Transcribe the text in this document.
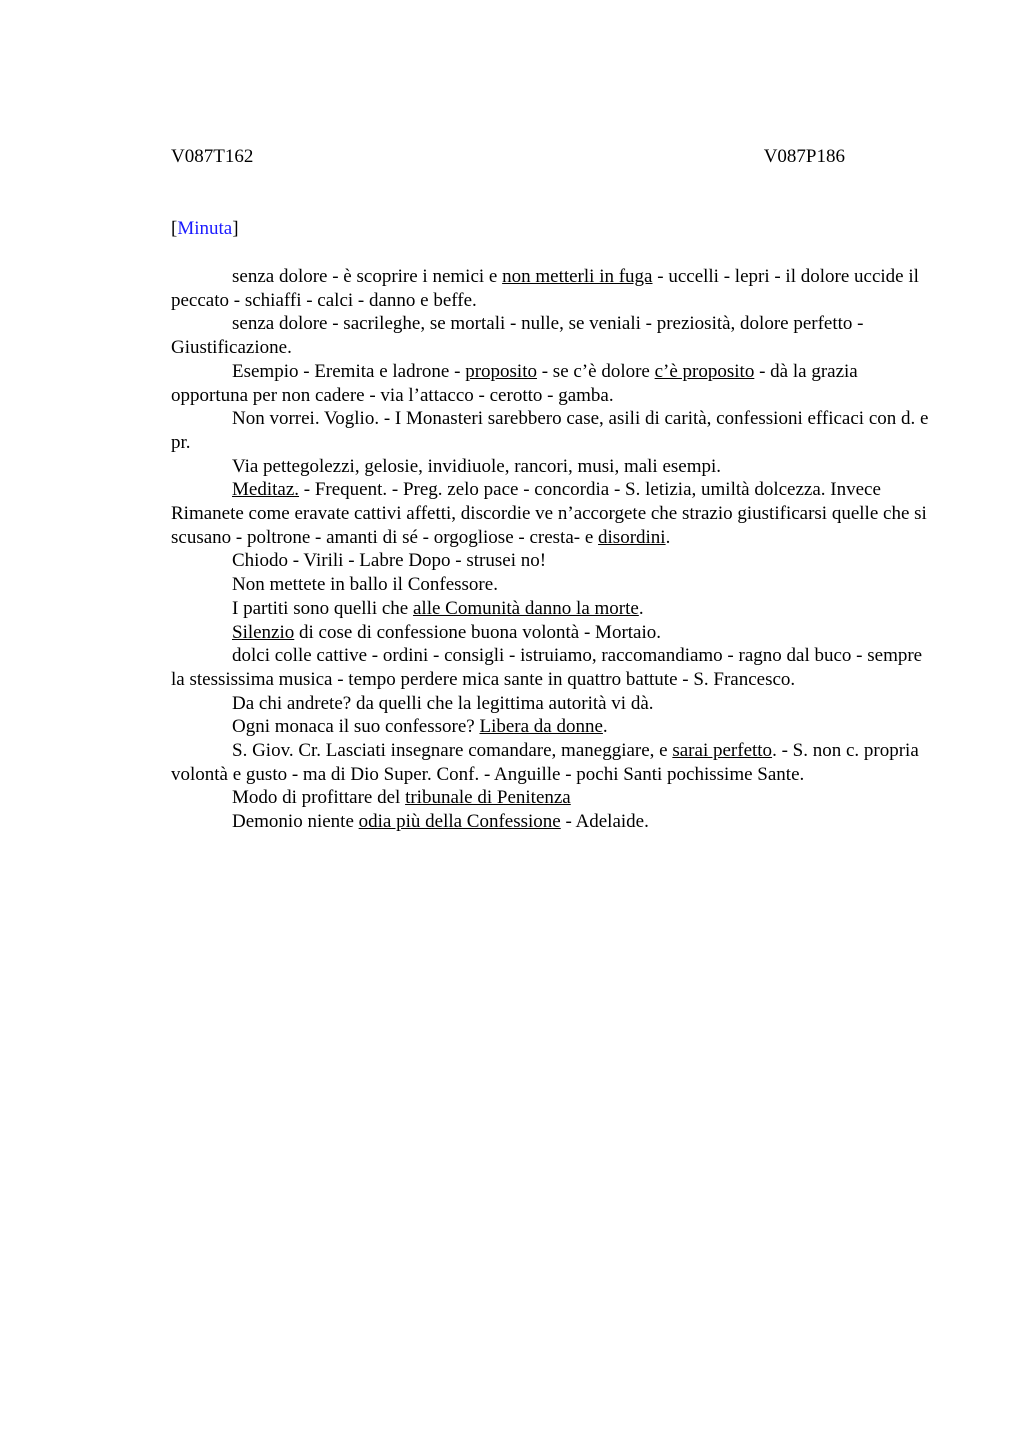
V087T162	V087P186
[Minuta]

senza dolore - è scoprire i nemici e non metterli in fuga - uccelli - lepri - il dolore uccide il peccato - schiaffi - calci - danno e beffe.

senza dolore - sacrileghe, se mortali - nulle, se veniali - preziosità, dolore perfetto - Giustificazione.

Esempio - Eremita e ladrone - proposito - se c’è dolore c’è proposito - dà la grazia opportuna per non cadere - via l’attacco - cerotto - gamba.

Non vorrei. Voglio. - I Monasteri sarebbero case, asili di carità, confessioni efficaci con d. e pr.

Via pettegolezzi, gelosie, invidiuole, rancori, musi, mali esempi.

Meditaz. - Frequent. - Preg. zelo pace - concordia - S. letizia, umiltà dolcezza. Invece Rimanete come eravate cattivi affetti, discordie ve n’accorgete che strazio giustificarsi quelle che si scusano - poltrone - amanti di sé - orgogliose - cresta- e disordini.

Chiodo - Virili - Labre Dopo - strusei no!

Non mettete in ballo il Confessore.

I partiti sono quelli che alle Comunità danno la morte.

Silenzio di cose di confessione buona volontà - Mortaio.

dolci colle cattive - ordini - consigli - istruiamo, raccomandiamo - ragno dal buco - sempre la stessissima musica - tempo perdere mica sante in quattro battute - S. Francesco.

Da chi andrete? da quelli che la legittima autorità vi dà.

Ogni monaca il suo confessore? Libera da donne.

S. Giov. Cr. Lasciati insegnare comandare, maneggiare, e sarai perfetto. - S. non c. propria volontà e gusto - ma di Dio Super. Conf. - Anguille - pochi Santi pochissime Sante.

Modo di profittare del tribunale di Penitenza

Demonio niente odia più della Confessione - Adelaide.
